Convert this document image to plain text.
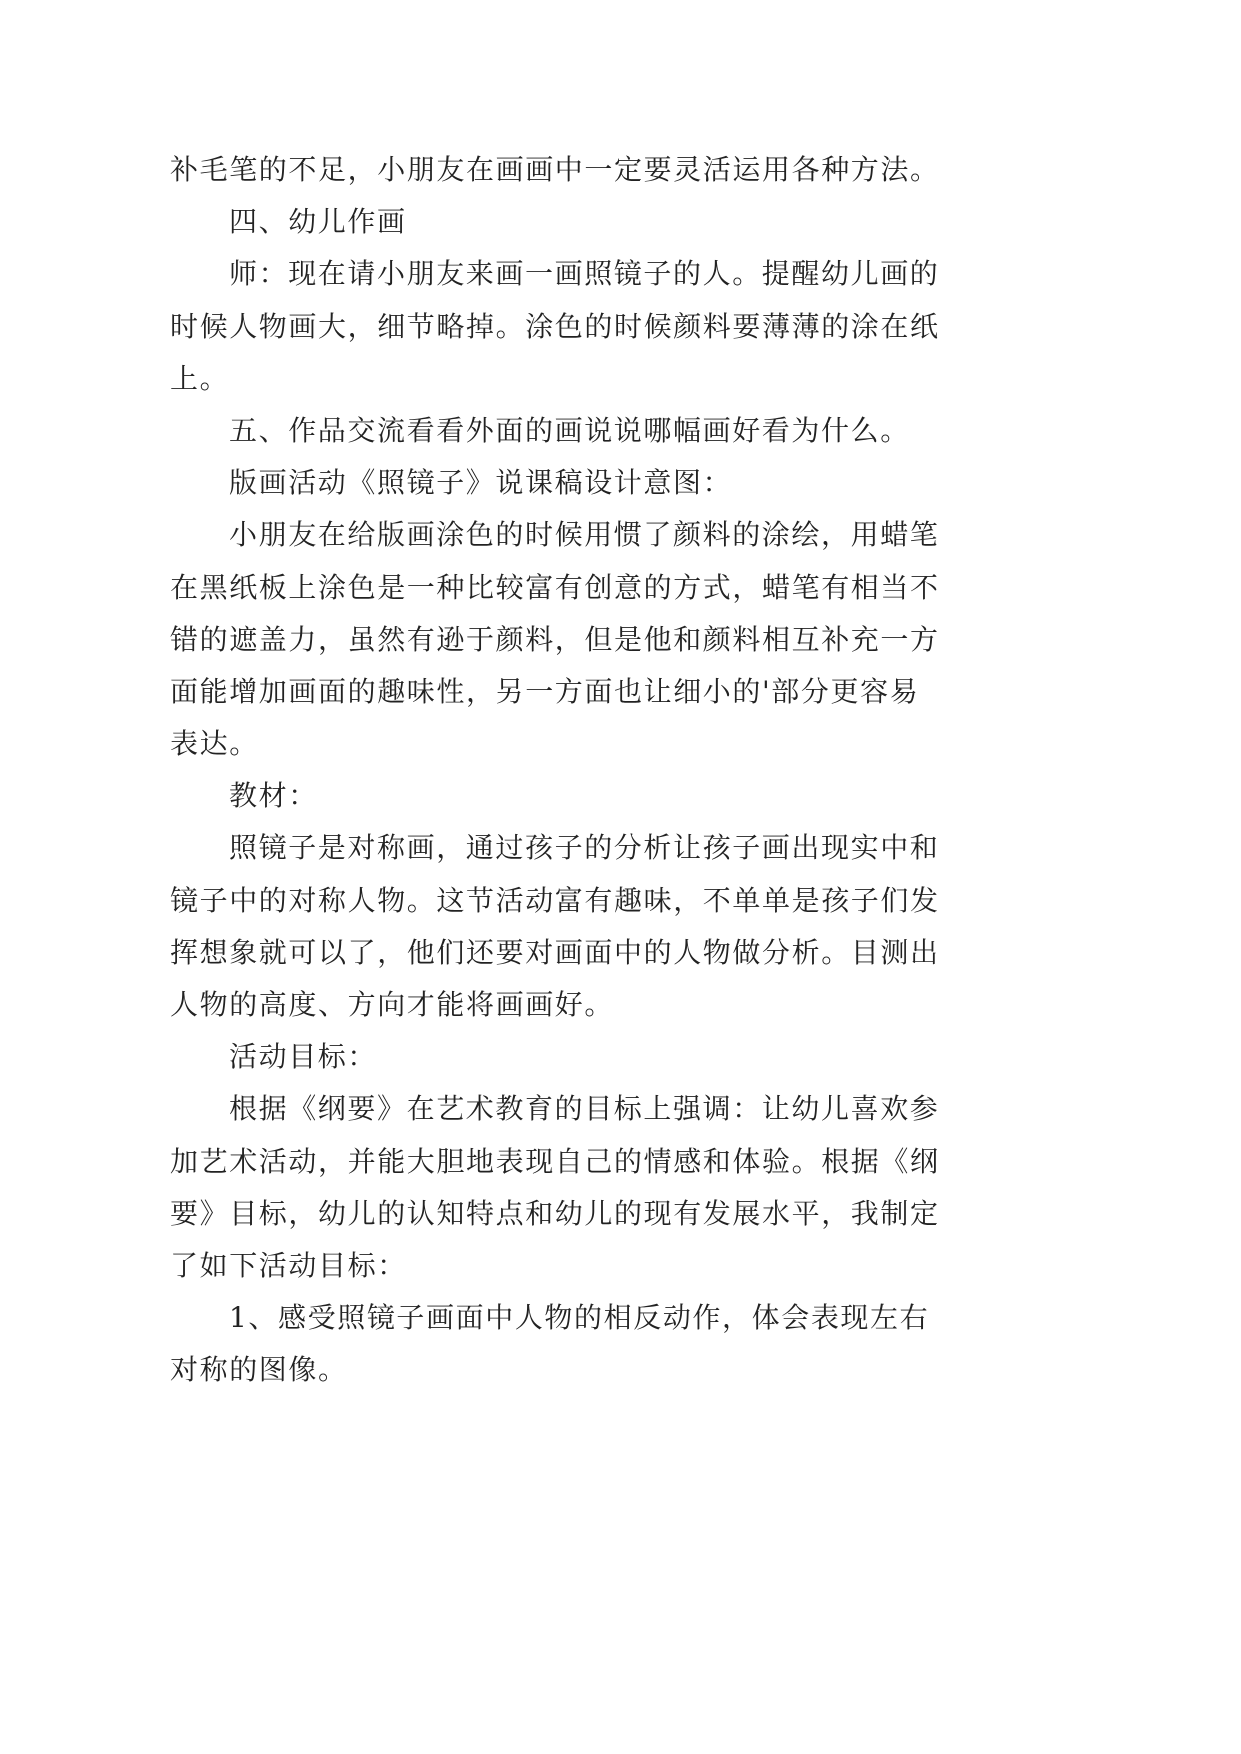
补毛笔的不足，小朋友在画画中一定要灵活运用各种方法。
四、幼儿作画
师：现在请小朋友来画一画照镜子的人。提醒幼儿画的
时候人物画大，细节略掉。涂色的时候颜料要薄薄的涂在纸
上。
五、作品交流看看外面的画说说哪幅画好看为什么。
版画活动《照镜子》说课稿设计意图：
小朋友在给版画涂色的时候用惯了颜料的涂绘，用蜡笔
在黑纸板上涂色是一种比较富有创意的方式，蜡笔有相当不
错的遮盖力，虽然有逊于颜料，但是他和颜料相互补充一方
面能增加画面的趣味性，另一方面也让细小的'部分更容易
表达。
教材：
照镜子是对称画，通过孩子的分析让孩子画出现实中和
镜子中的对称人物。这节活动富有趣味，不单单是孩子们发
挥想象就可以了，他们还要对画面中的人物做分析。目测出
人物的高度、方向才能将画画好。
活动目标：
根据《纲要》在艺术教育的目标上强调：让幼儿喜欢参
加艺术活动，并能大胆地表现自己的情感和体验。根据《纲
要》目标，幼儿的认知特点和幼儿的现有发展水平，我制定
了如下活动目标：
1、感受照镜子画面中人物的相反动作，体会表现左右
对称的图像。
